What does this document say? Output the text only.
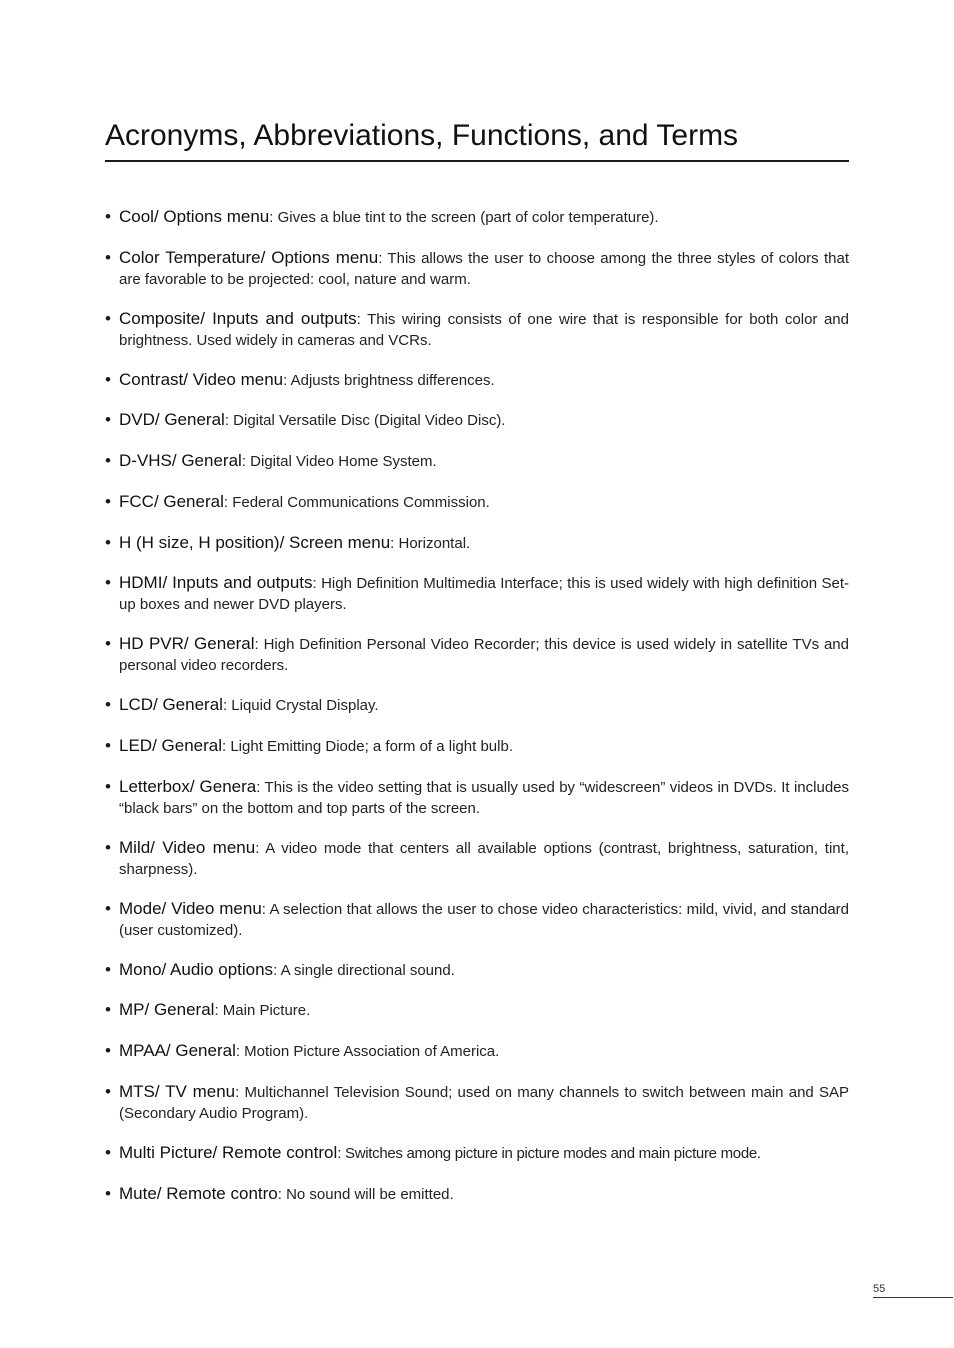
Acronyms, Abbreviations, Functions, and Terms
• Cool/ Options menu: Gives a blue tint to the screen (part of color temperature).
• Color Temperature/ Options menu: This allows the user to choose among the three styles of colors that are favorable to be projected: cool, nature and warm.
• Composite/ Inputs and outputs: This wiring consists of one wire that is responsible for both color and brightness. Used widely in cameras and VCRs.
• Contrast/ Video menu: Adjusts brightness differences.
• DVD/ General: Digital Versatile Disc (Digital Video Disc).
• D-VHS/ General: Digital Video Home System.
• FCC/ General: Federal Communications Commission.
• H (H size, H position)/ Screen menu: Horizontal.
• HDMI/ Inputs and outputs: High Definition Multimedia Interface; this is used widely with high definition Set-up boxes and newer DVD players.
• HD PVR/ General: High Definition Personal Video Recorder; this device is used widely in satellite TVs and personal video recorders.
• LCD/ General: Liquid Crystal Display.
• LED/ General: Light Emitting Diode; a form of a light bulb.
• Letterbox/ Genera: This is the video setting that is usually used by “widescreen” videos in DVDs. It includes “black bars” on the bottom and top parts of the screen.
• Mild/ Video menu: A video mode that centers all available options (contrast, brightness, saturation, tint, sharpness).
• Mode/ Video menu: A selection that allows the user to chose video characteristics: mild, vivid, and standard (user customized).
• Mono/ Audio options: A single directional sound.
• MP/ General: Main Picture.
• MPAA/ General: Motion Picture Association of America.
• MTS/ TV menu: Multichannel Television Sound; used on many channels to switch between main and SAP (Secondary Audio Program).
• Multi Picture/ Remote control: Switches among picture in picture modes and main picture mode.
• Mute/ Remote contro: No sound will be emitted.
55
